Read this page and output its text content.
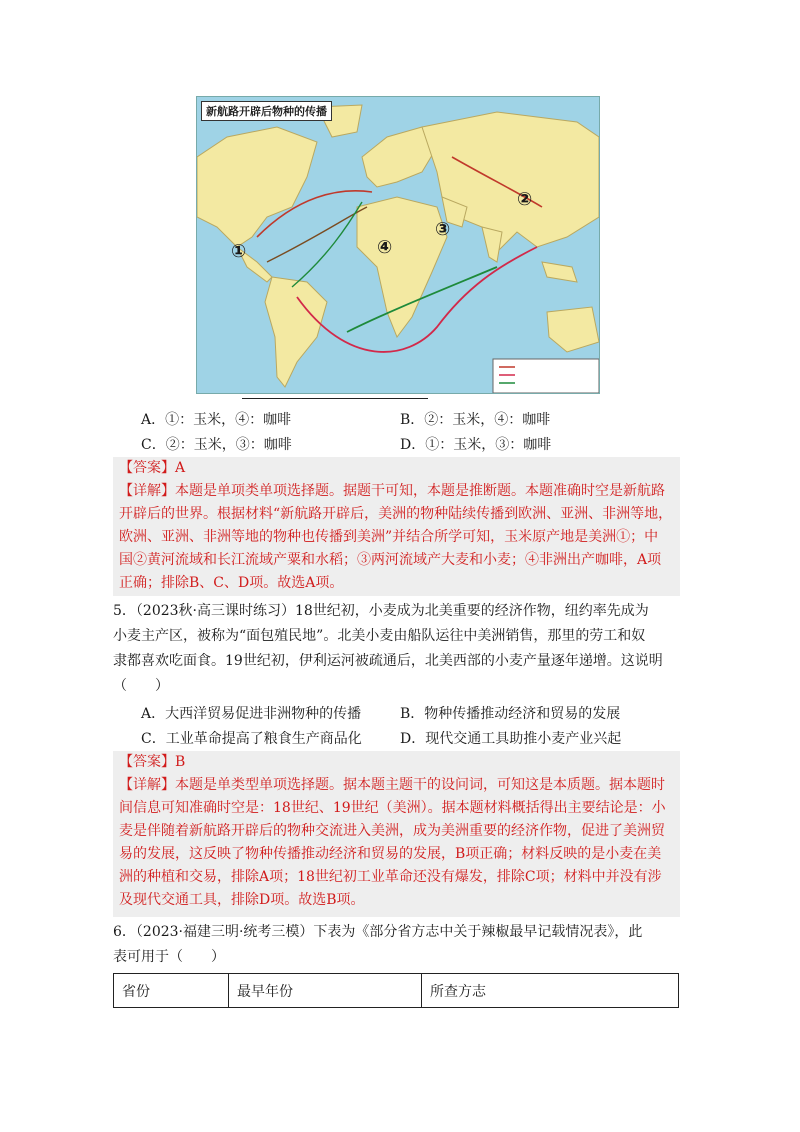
新航路开辟后物种的传播
①
②
③
④
A．①：玉米，④：咖啡	B．②：玉米，④：咖啡
C．②：玉米，③：咖啡	D．①：玉米，③：咖啡

【答案】A

【详解】本题是单项类单项选择题。据题干可知，本题是推断题。本题准确时空是新航路

开辟后的世界。根据材料“新航路开辟后，美洲的物种陆续传播到欧洲、亚洲、非洲等地，

欧洲、亚洲、非洲等地的物种也传播到美洲”并结合所学可知，玉米原产地是美洲①；中

国②黄河流域和长江流域产粟和水稻；③两河流域产大麦和小麦；④非洲出产咖啡，A项

正确；排除B、C、D项。故选A项。

5．（2023秋·高三课时练习）18世纪初，小麦成为北美重要的经济作物，纽约率先成为

小麦主产区，被称为“面包殖民地”。北美小麦由船队运往中美洲销售，那里的劳工和奴

隶都喜欢吃面食。19世纪初，伊利运河被疏通后，北美西部的小麦产量逐年递增。这说明

（　　）

A．大西洋贸易促进非洲物种的传播	B．物种传播推动经济和贸易的发展
C．工业革命提高了粮食生产商品化	D．现代交通工具助推小麦产业兴起

【答案】B

【详解】本题是单类型单项选择题。据本题主题干的设问词，可知这是本质题。据本题时

间信息可知准确时空是：18世纪、19世纪（美洲）。据本题材料概括得出主要结论是：小

麦是伴随着新航路开辟后的物种交流进入美洲，成为美洲重要的经济作物，促进了美洲贸

易的发展，这反映了物种传播推动经济和贸易的发展，B项正确；材料反映的是小麦在美

洲的种植和交易，排除A项；18世纪初工业革命还没有爆发，排除C项；材料中并没有涉

及现代交通工具，排除D项。故选B项。

6．（2023·福建三明·统考三模）下表为《部分省方志中关于辣椒最早记载情况表》，此

表可用于（　　）

省份	最早年份	所查方志
